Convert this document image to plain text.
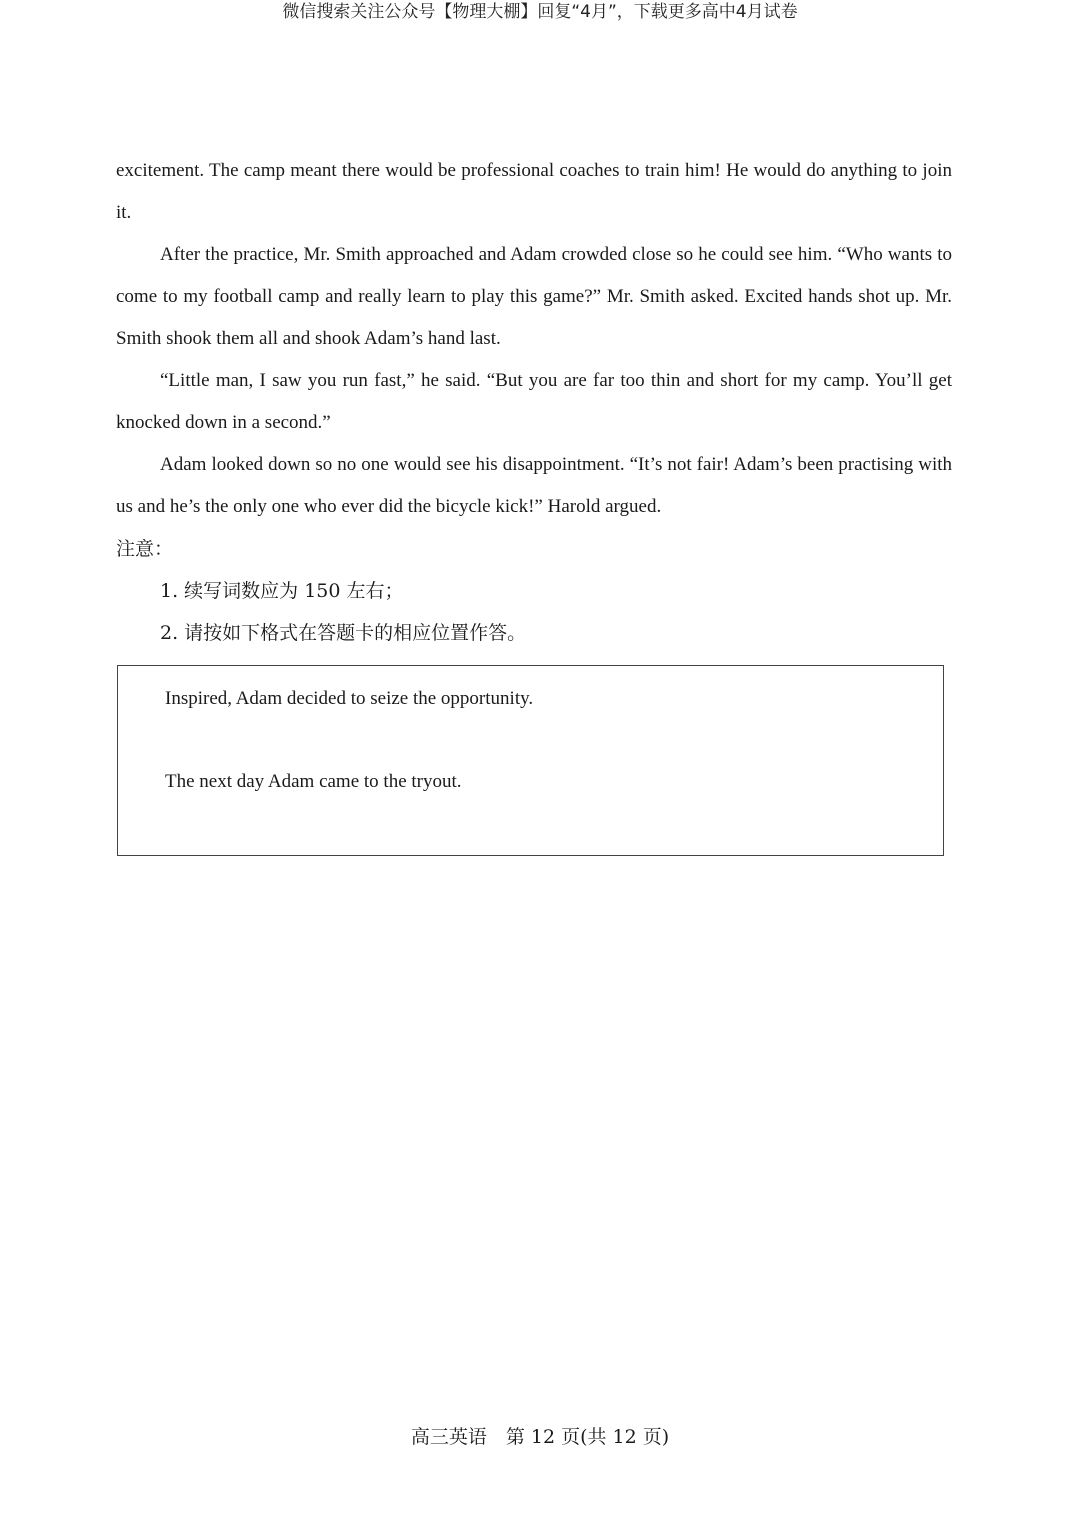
微信搜索关注公众号【物理大棚】回复“4月”，下载更多高中4月试卷

excitement. The camp meant there would be professional coaches to train him! He would do anything to join it.

After the practice, Mr. Smith approached and Adam crowded close so he could see him. “Who wants to come to my football camp and really learn to play this game?” Mr. Smith asked. Excited hands shot up. Mr. Smith shook them all and shook Adam’s hand last.

“Little man, I saw you run fast,” he said. “But you are far too thin and short for my camp. You’ll get knocked down in a second.”

Adam looked down so no one would see his disappointment. “It’s not fair! Adam’s been practising with us and he’s the only one who ever did the bicycle kick!” Harold argued.

注意：

1. 续写词数应为 150 左右；

2. 请按如下格式在答题卡的相应位置作答。

Inspired, Adam decided to seize the opportunity.
The next day Adam came to the tryout.
高三英语　第 12 页(共 12 页)
